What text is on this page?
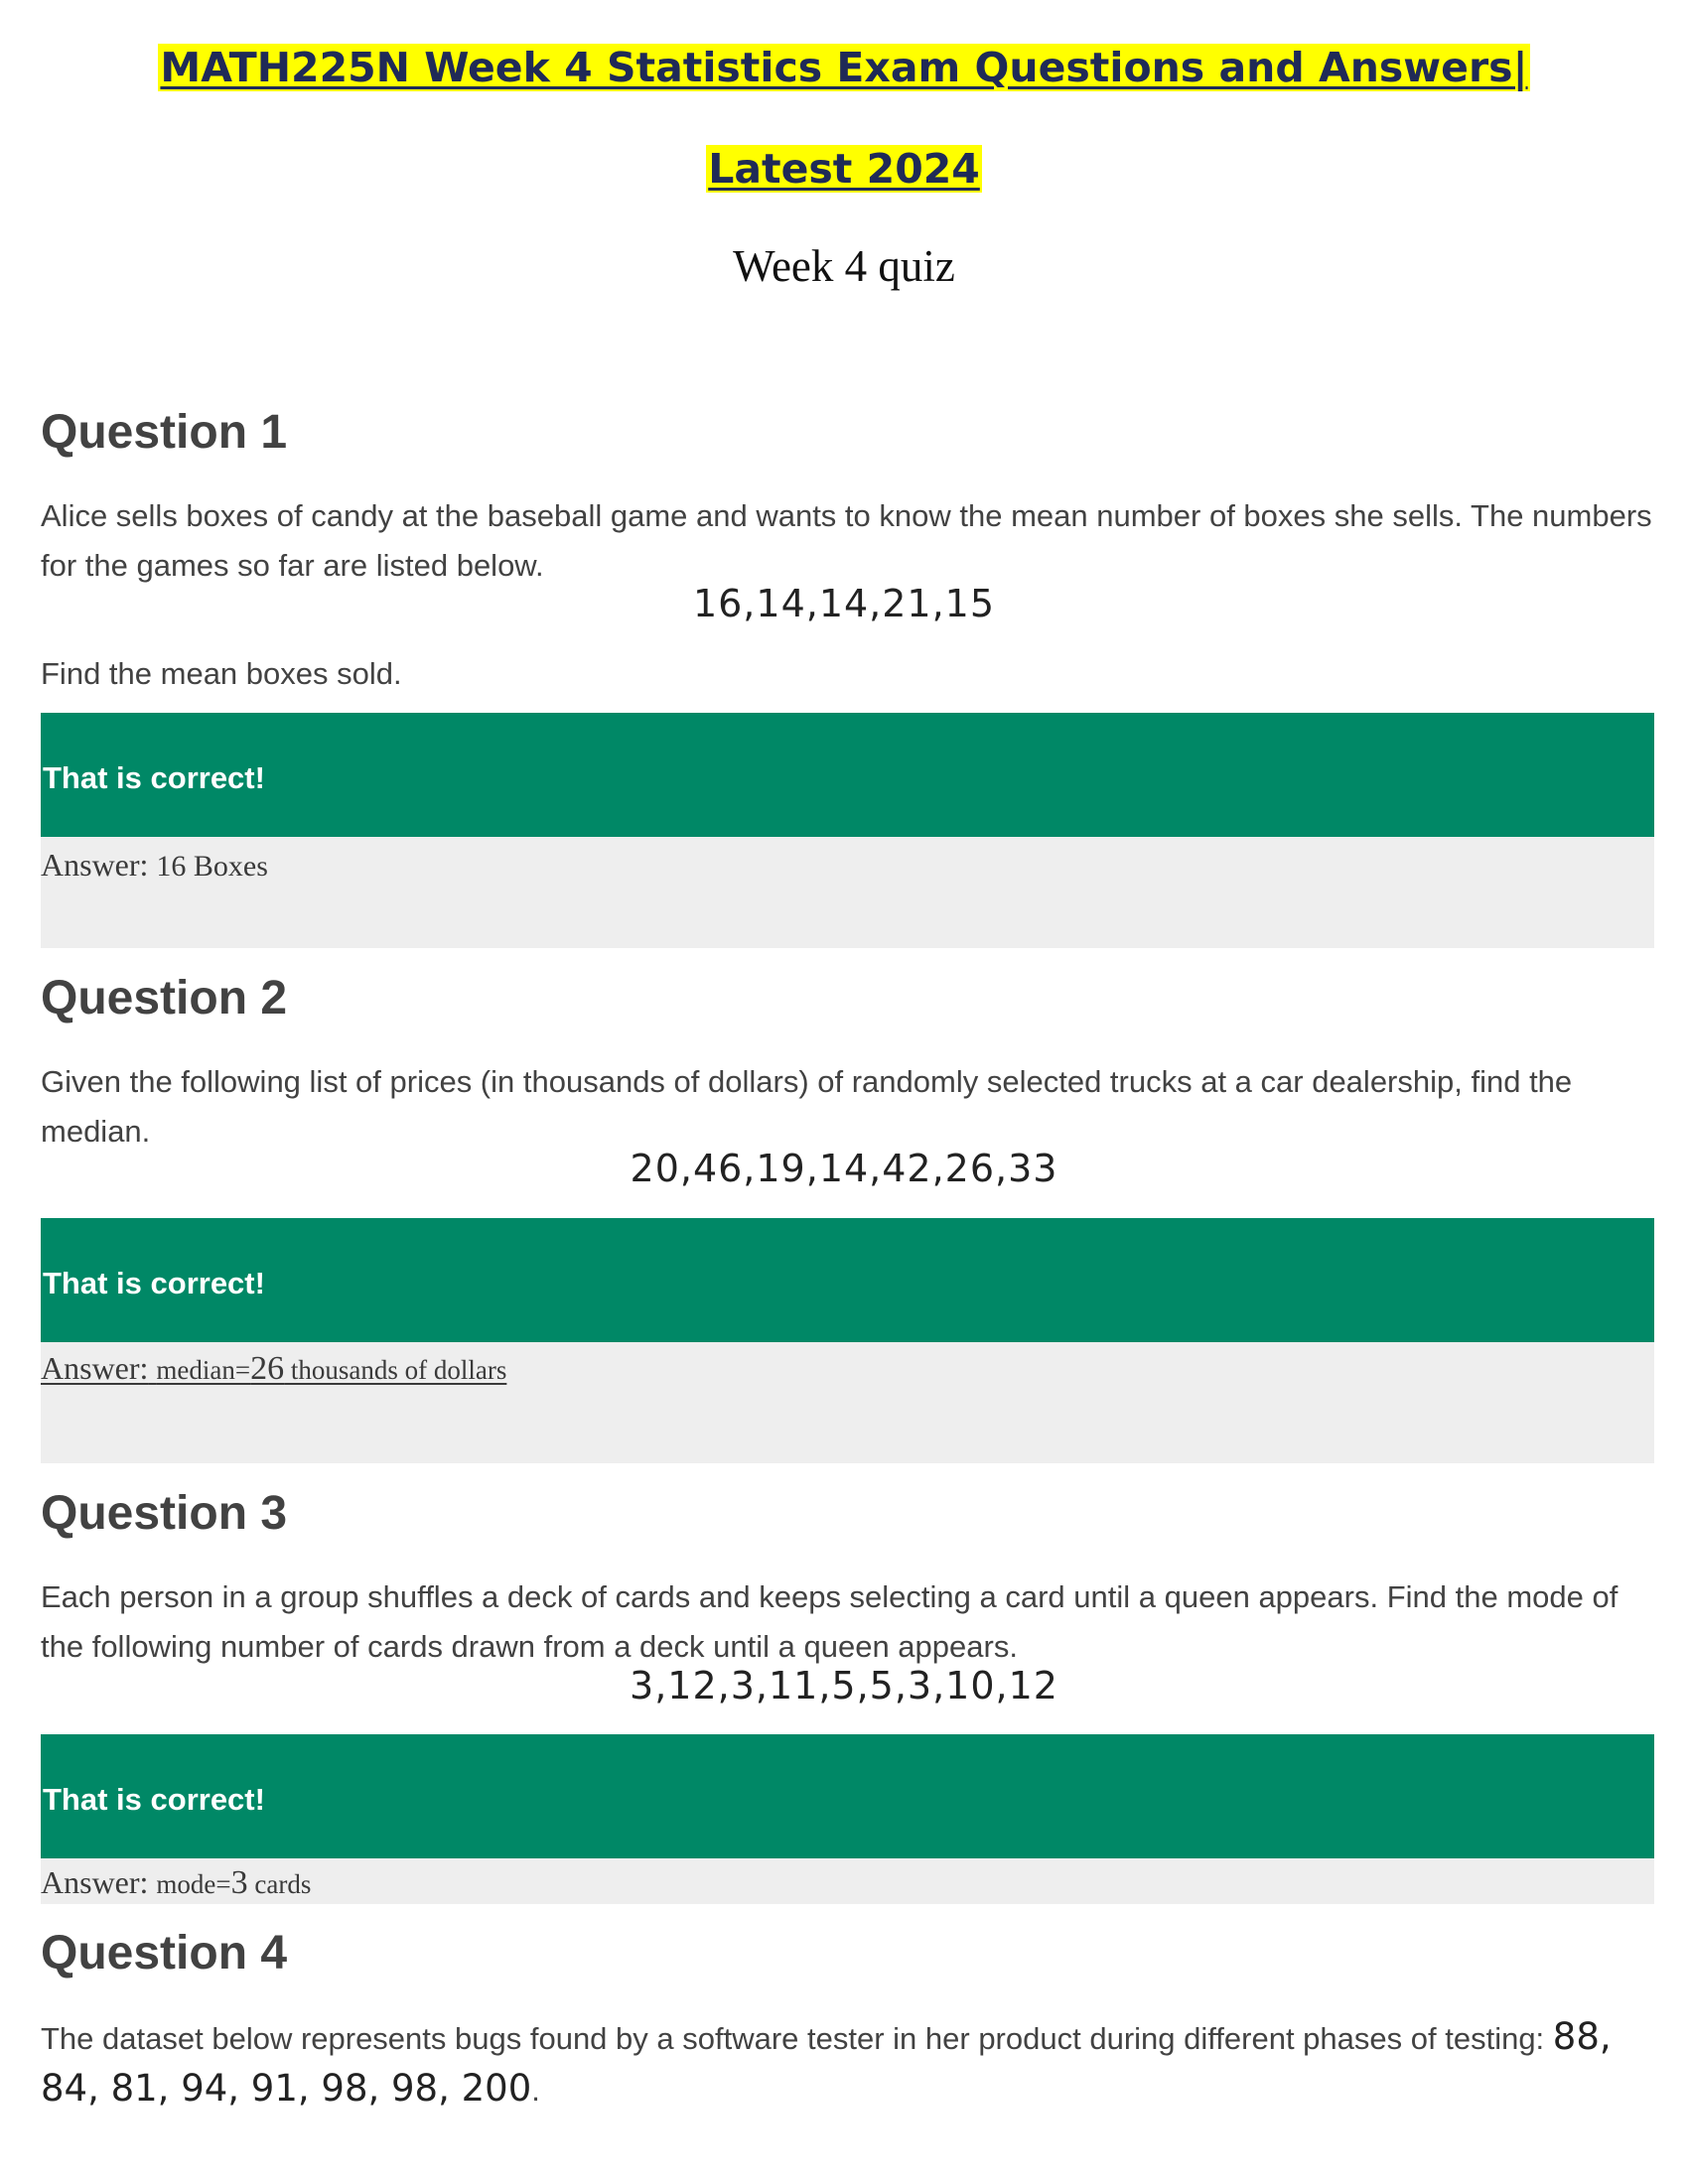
MATH225N Week 4 Statistics Exam Questions and Answers|
Latest 2024

Week 4 quiz

Question 1

Alice sells boxes of candy at the baseball game and wants to know the mean number of boxes she sells. The numbers for the games so far are listed below.

16,14,14,21,15

Find the mean boxes sold.

That is correct!
Answer: 16 Boxes
Question 2

Given the following list of prices (in thousands of dollars) of randomly selected trucks at a car dealership, find the median.

20,46,19,14,42,26,33

That is correct!
Answer: median=26 thousands of dollars
Question 3

Each person in a group shuffles a deck of cards and keeps selecting a card until a queen appears. Find the mode of the following number of cards drawn from a deck until a queen appears.

3,12,3,11,5,5,3,10,12

That is correct!
Answer: mode=3 cards
Question 4

The dataset below represents bugs found by a software tester in her product during different phases of testing: 88, 84, 81, 94, 91, 98, 98, 200.
